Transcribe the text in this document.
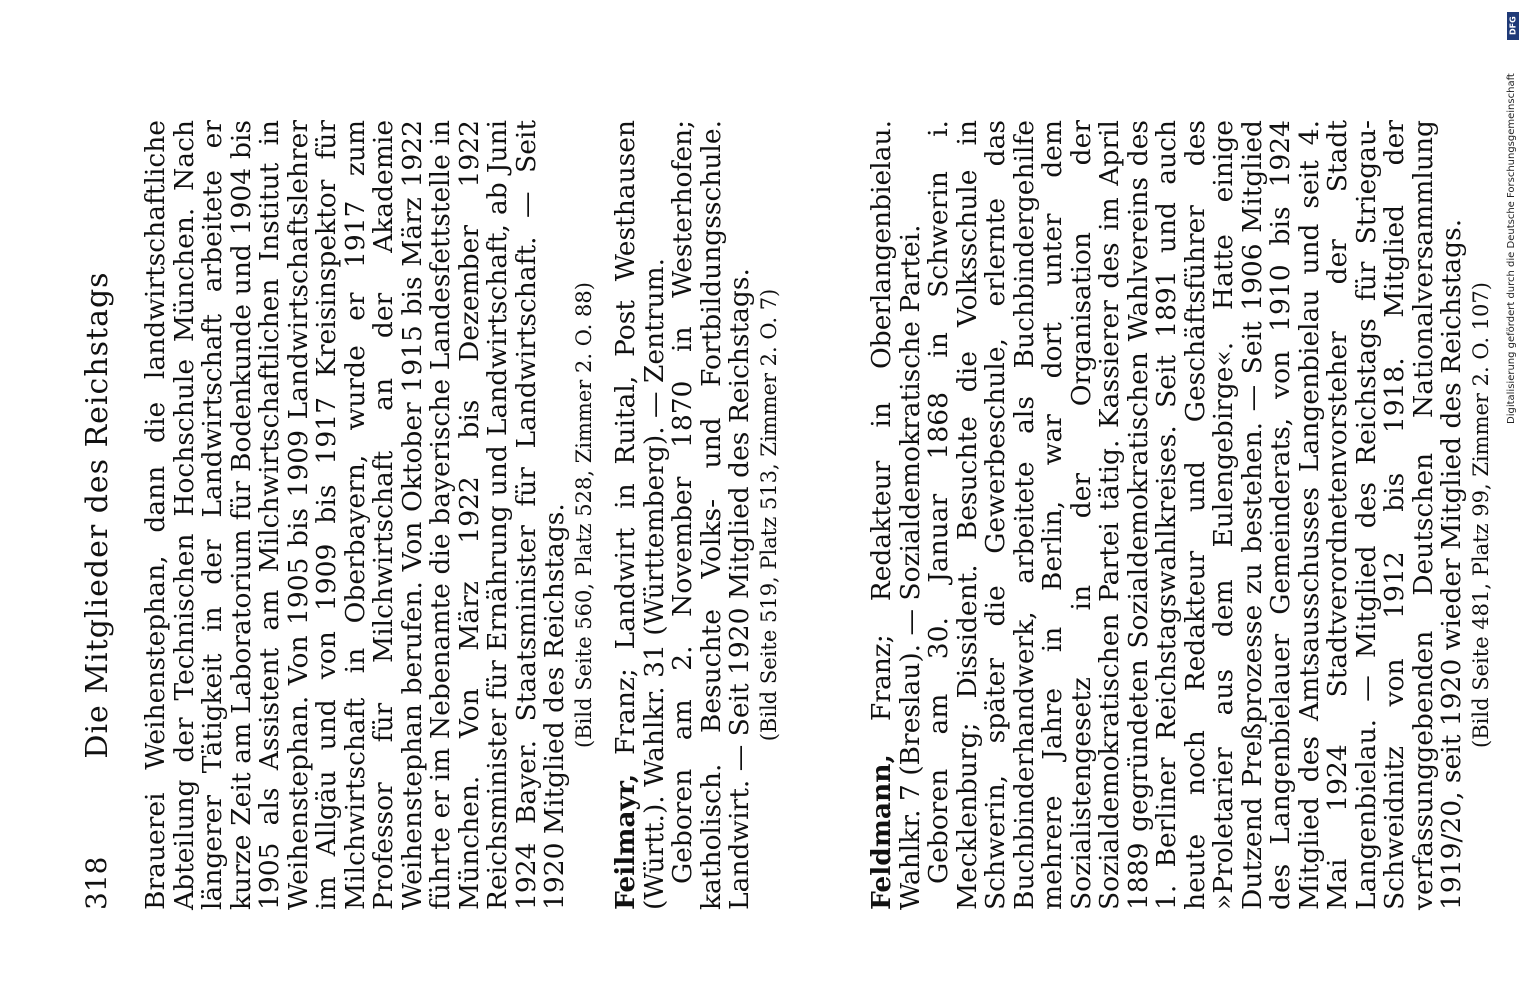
318
Die Mitglieder des Reichstags Brauerei Weihenstephan, dann die landwirtschaftliche Abteilung der Technischen Hochschule München. Nach längerer Tätigkeit in der Landwirtschaft arbeitete er kurze Zeit am Laboratorium für Bodenkunde und 1904 bis 1905 als Assistent am Milchwirtschaftlichen Institut in Weihenstephan. Von 1905 bis 1909 Landwirtschaftslehrer im Allgäu und von 1909 bis 1917 Kreisinspektor für Milchwirtschaft in Oberbayern, wurde er 1917 zum Professor für Milchwirtschaft an der Akademie Weihenstephan berufen. Von Oktober 1915 bis März 1922 führte er im Nebenamte die bayerische Landesfettstelle in München. Von März 1922 bis Dezember 1922 Reichsminister für Ernährung und Landwirtschaft, ab Juni 1924 Bayer. Staatsminister für Landwirtschaft. — Seit 1920 Mitglied des Reichstags. (Bild Seite 560, Platz 528, Zimmer 2. O. 88)

Feilmayr, Franz; Landwirt in Ruital, Post Westhausen (Württ.). Wahlkr. 31 (Württemberg). — Zentrum.

Geboren am 2. November 1870 in Westerhofen; katholisch. Besuchte Volks- und Fortbildungsschule. Landwirt. — Seit 1920 Mitglied des Reichstags. (Bild Seite 519, Platz 513, Zimmer 2. O. 7)

Feldmann, Franz; Redakteur in Oberlangenbielau. Wahlkr. 7 (Breslau). — Sozialdemokratische Partei.

Geboren am 30. Januar 1868 in Schwerin i. Mecklenburg; Dissident. Besuchte die Volksschule in Schwerin, später die Gewerbeschule, erlernte das Buchbinderhandwerk, arbeitete als Buchbindergehilfe mehrere Jahre in Berlin, war dort unter dem Sozialistengesetz in der Organisation der Sozialdemokratischen Partei tätig. Kassierer des im April 1889 gegründeten Sozialdemokratischen Wahlvereins des 1. Berliner Reichstagswahlkreises. Seit 1891 und auch heute noch Redakteur und Geschäftsführer des »Proletarier aus dem Eulengebirge«. Hatte einige Dutzend Preßprozesse zu bestehen. — Seit 1906 Mitglied des Langenbielauer Gemeinderats, von 1910 bis 1924 Mitglied des Amtsausschusses Langenbielau und seit 4. Mai 1924 Stadtverordnetenvorsteher der Stadt Langenbielau. — Mitglied des Reichstags für Striegau-Schweidnitz von 1912 bis 1918. Mitglied der verfassunggebenden Deutschen Nationalversammlung 1919/20, seit 1920 wieder Mitglied des Reichstags. (Bild Seite 481, Platz 99, Zimmer 2. O. 107)

DFG
Digitalisierung gefördert durch die Deutsche Forschungsgemeinschaft
